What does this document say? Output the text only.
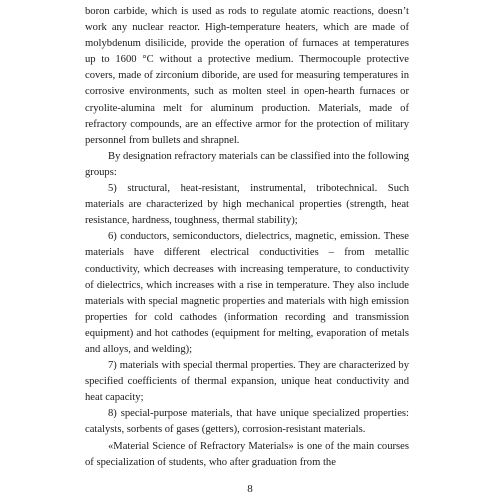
boron carbide, which is used as rods to regulate atomic reactions, doesn’t work any nuclear reactor. High-temperature heaters, which are made of molybdenum disilicide, provide the operation of furnaces at temperatures up to 1600 °C without a protective medium. Thermocouple protective covers, made of zirconium diboride, are used for measuring temperatures in corrosive environments, such as molten steel in open-hearth furnaces or cryolite-alumina melt for aluminum production. Materials, made of refractory compounds, are an effective armor for the protection of military personnel from bullets and shrapnel.

By designation refractory materials can be classified into the following groups:

5) structural, heat-resistant, instrumental, tribotechnical. Such materials are characterized by high mechanical properties (strength, heat resistance, hardness, toughness, thermal stability);

6) conductors, semiconductors, dielectrics, magnetic, emission. These materials have different electrical conductivities – from metallic conductivity, which decreases with increasing temperature, to conductivity of dielectrics, which increases with a rise in temperature. They also include materials with special magnetic properties and materials with high emission properties for cold cathodes (information recording and transmission equipment) and hot cathodes (equipment for melting, evaporation of metals and alloys, and welding);

7) materials with special thermal properties. They are characterized by specified coefficients of thermal expansion, unique heat conductivity and heat capacity;

8) special-purpose materials, that have unique specialized properties: catalysts, sorbents of gases (getters), corrosion-resistant materials.

«Material Science of Refractory Materials» is one of the main courses of specialization of students, who after graduation from the

8
